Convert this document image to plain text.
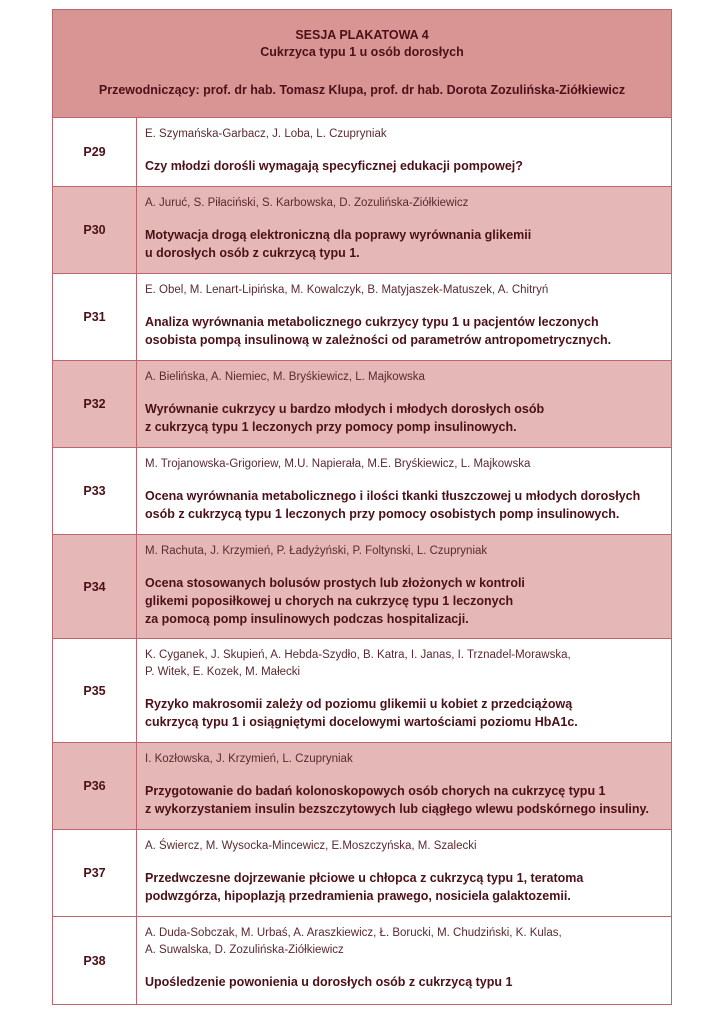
SESJA PLAKATOWA 4
Cukrzyca typu 1 u osób dorosłych
Przewodniczący: prof. dr hab. Tomasz Klupa, prof. dr hab. Dorota Zozulińska-Ziółkiewicz
P29
E. Szymańska-Garbacz, J. Loba, L. Czupryniak
Czy młodzi dorośli wymagają specyficznej edukacji pompowej?
P30
A. Juruć, S. Piłaciński, S. Karbowska, D. Zozulińska-Ziółkiewicz
Motywacja drogą elektroniczną dla poprawy wyrównania glikemii
u dorosłych osób z cukrzycą typu 1.
P31
E. Obel, M. Lenart-Lipińska, M. Kowalczyk, B. Matyjaszek-Matuszek, A. Chitryń
Analiza wyrównania metabolicznego cukrzycy typu 1 u pacjentów leczonych
osobista pompą insulinową w zależności od parametrów antropometrycznych.
P32
A. Bielińska, A. Niemiec, M. Bryśkiewicz, L. Majkowska
Wyrównanie cukrzycy u bardzo młodych i młodych dorosłych osób
z cukrzycą typu 1 leczonych przy pomocy pomp insulinowych.
P33
M. Trojanowska-Grigoriew, M.U. Napierała, M.E. Bryśkiewicz, L. Majkowska
Ocena wyrównania metabolicznego i ilości tkanki tłuszczowej u młodych dorosłych
osób z cukrzycą typu 1 leczonych przy pomocy osobistych pomp insulinowych.
P34
M. Rachuta, J. Krzymień, P. Ładyżyński, P. Foltynski, L. Czupryniak
Ocena stosowanych bolusów prostych lub złożonych w kontroli
glikemi poposiłkowej u chorych na cukrzycę typu 1 leczonych
za pomocą pomp insulinowych podczas hospitalizacji.
P35
K. Cyganek, J. Skupień, A. Hebda-Szydło, B. Katra, I. Janas, I. Trznadel-Morawska,
P. Witek, E. Kozek, M. Małecki
Ryzyko makrosomii zależy od poziomu glikemii u kobiet z przedciążową
cukrzycą typu 1 i osiągniętymi docelowymi wartościami poziomu HbA1c.
P36
I. Kozłowska, J. Krzymień, L. Czupryniak
Przygotowanie do badań kolonoskopowych osób chorych na cukrzycę typu 1
z wykorzystaniem insulin bezszczytowych lub ciągłego wlewu podskórnego insuliny.
P37
A. Świercz, M. Wysocka-Mincewicz, E.Moszczyńska, M. Szalecki
Przedwczesne dojrzewanie płciowe u chłopca z cukrzycą typu 1, teratoma
podwzgórza, hipoplazją przedramienia prawego, nosiciela galaktozemii.
P38
A. Duda-Sobczak, M. Urbaś, A. Araszkiewicz, Ł. Borucki, M. Chudziński, K. Kulas,
A. Suwalska, D. Zozulińska-Ziółkiewicz
Upośledzenie powonienia u dorosłych osób z cukrzycą typu 1
